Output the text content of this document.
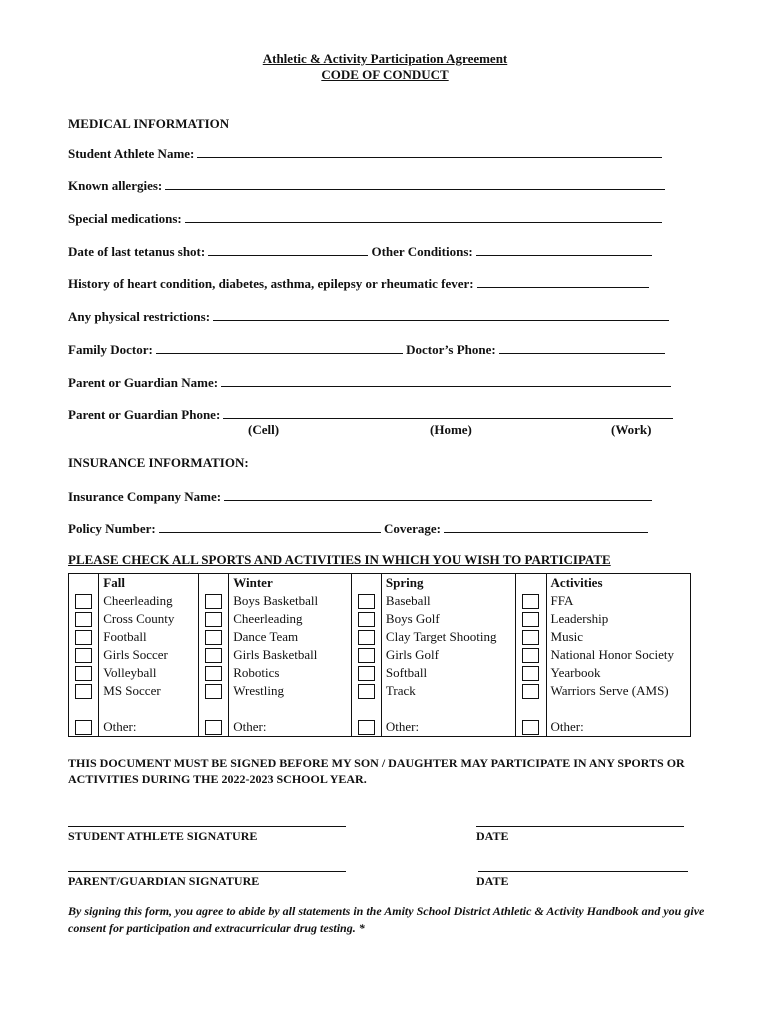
Athletic & Activity Participation Agreement
CODE OF CONDUCT
MEDICAL INFORMATION
Student Athlete Name:
Known allergies:
Special medications:
Date of last tetanus shot:	Other Conditions:
History of heart condition, diabetes, asthma, epilepsy or rheumatic fever:
Any physical restrictions:
Family Doctor:	Doctor’s Phone:
Parent or Guardian Name:
Parent or Guardian Phone:
(Cell)	(Home)	(Work)
INSURANCE INFORMATION:
Insurance Company Name:
Policy Number:	Coverage:
PLEASE CHECK ALL SPORTS AND ACTIVITIES IN WHICH YOU WISH TO PARTICIPATE
	Fall		Winter		Spring		Activities
	Cheerleading		Boys Basketball		Baseball		FFA
	Cross County		Cheerleading		Boys Golf		Leadership
	Football		Dance Team		Clay Target Shooting		Music
	Girls Soccer		Girls Basketball		Girls Golf		National Honor Society
	Volleyball		Robotics		Softball		Yearbook
	MS Soccer		Wrestling		Track		Warriors Serve (AMS)

	Other:		Other:		Other:		Other:
THIS DOCUMENT MUST BE SIGNED BEFORE MY SON / DAUGHTER MAY PARTICIPATE IN ANY SPORTS OR ACTIVITIES DURING THE 2022-2023 SCHOOL YEAR.
STUDENT ATHLETE SIGNATURE	DATE
PARENT/GUARDIAN SIGNATURE	DATE
By signing this form, you agree to abide by all statements in the Amity School District Athletic & Activity Handbook and you give consent for participation and extracurricular drug testing. *
